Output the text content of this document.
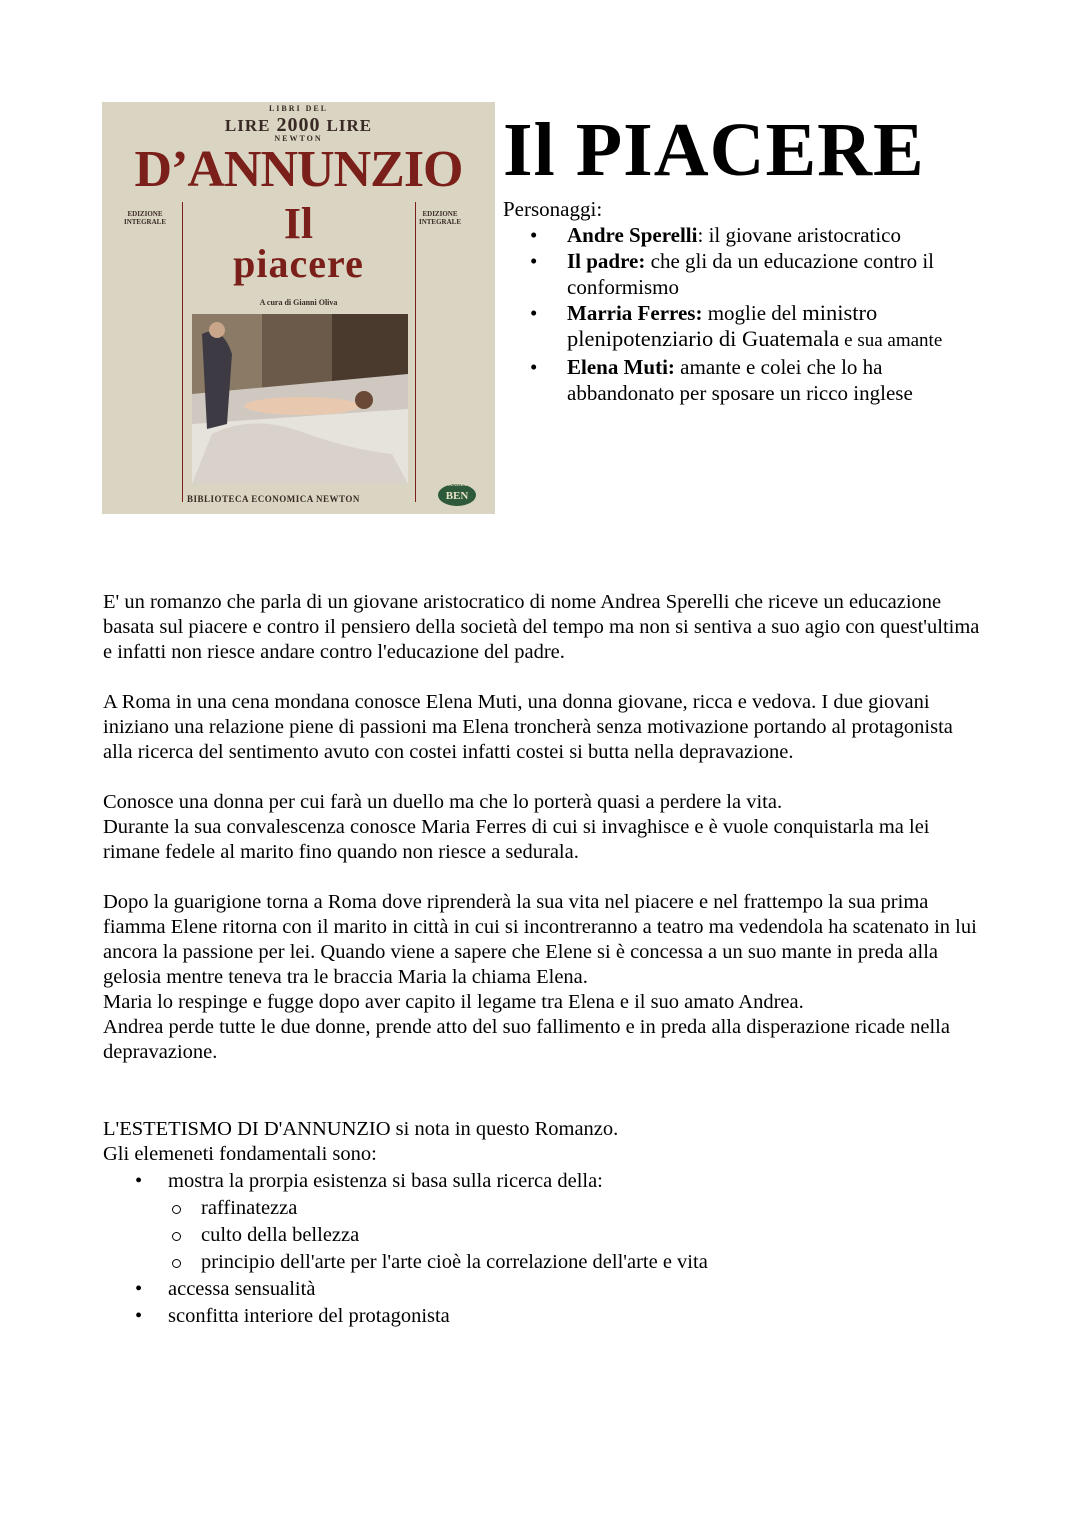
LIBRI DEL
LIRE 2000 LIRE
NEWTON
D’ANNUNZIO
EDIZIONE INTEGRALE
EDIZIONE INTEGRALE
Il
piacere
A cura di Gianni Oliva
BIBLIOTECA ECONOMICA NEWTON
CLASSICI
BEN
Il PIACERE
Personaggi:
• Andre Sperelli: il giovane aristocratico
• Il padre: che gli da un educazione contro il conformismo
• Marria Ferres: moglie del ministro plenipotenziario di Guatemala e sua amante
• Elena Muti: amante e colei che lo ha abbandonato per sposare un ricco inglese

E' un romanzo che parla di un giovane aristocratico di nome Andrea Sperelli che riceve un educazione basata sul piacere e contro il pensiero della società del tempo ma non si sentiva a suo agio con quest'ultima e infatti non riesce andare contro l'educazione del padre.

A Roma in una cena mondana conosce Elena Muti, una donna giovane, ricca e vedova. I due giovani iniziano una relazione piene di passioni ma Elena troncherà senza motivazione portando al protagonista alla ricerca del sentimento avuto con costei infatti costei si butta nella depravazione.

Conosce una donna per cui farà un duello ma che lo porterà quasi a perdere la vita.
Durante la sua convalescenza conosce Maria Ferres di cui si invaghisce e è vuole conquistarla ma lei rimane fedele al marito fino quando non riesce a sedurala.

Dopo la guarigione torna a Roma dove riprenderà la sua vita nel piacere e nel frattempo la sua prima fiamma Elene ritorna con il marito in città in cui si incontreranno a teatro ma vedendola ha scatenato in lui ancora la passione per lei. Quando viene a sapere che Elene si è concessa a un suo mante in preda alla gelosia mentre teneva tra le braccia Maria la chiama Elena.
Maria lo respinge e fugge dopo aver capito il legame tra Elena e il suo amato Andrea.
Andrea perde tutte le due donne, prende atto del suo fallimento e in preda alla disperazione ricade nella depravazione.

L'ESTETISMO DI D'ANNUNZIO si nota in questo Romanzo.
Gli elemeneti fondamentali sono:
• mostra la prorpia esistenza si basa sulla ricerca della:
raffinatezza
culto della bellezza
principio dell'arte per l'arte cioè la correlazione dell'arte e vita
• accessa sensualità
• sconfitta interiore del protagonista
